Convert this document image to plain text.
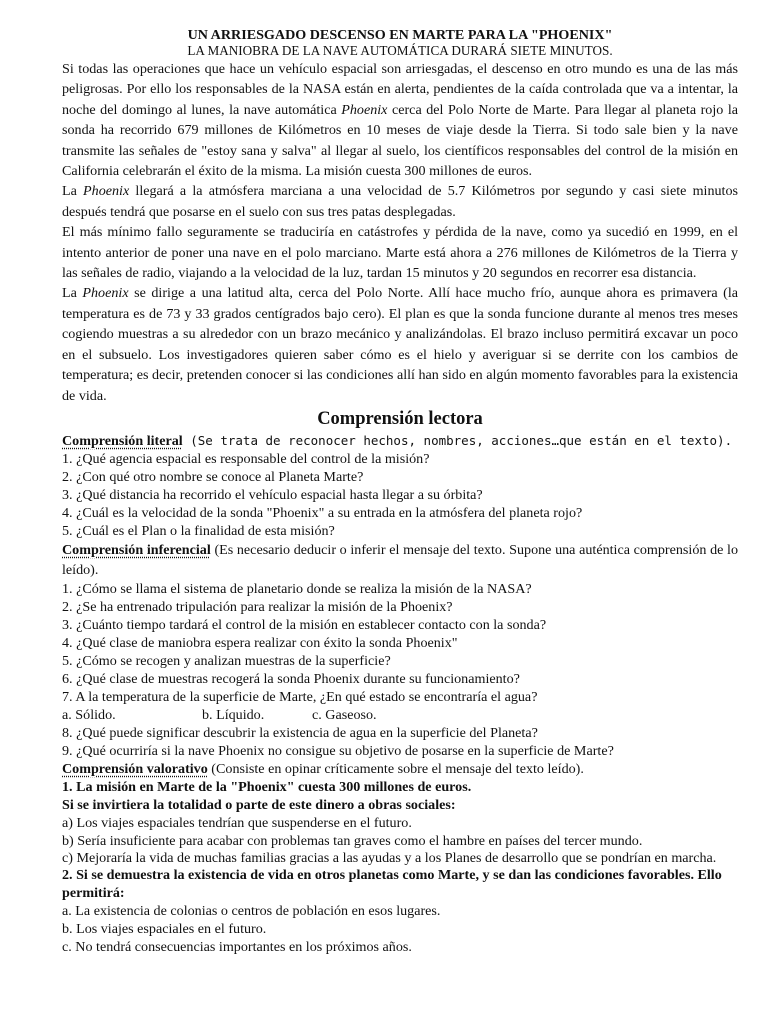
UN ARRIESGADO DESCENSO EN MARTE PARA LA "PHOENIX"

LA MANIOBRA DE LA NAVE AUTOMÁTICA DURARÁ SIETE MINUTOS.

Si todas las operaciones que hace un vehículo espacial son arriesgadas, el descenso en otro mundo es una de las más peligrosas. Por ello los responsables de la NASA están en alerta, pendientes de la caída controlada que va a intentar, la noche del domingo al lunes, la nave automática Phoenix cerca del Polo Norte de Marte. Para llegar al planeta rojo la sonda ha recorrido 679 millones de Kilómetros en 10 meses de viaje desde la Tierra. Si todo sale bien y la nave transmite las señales de "estoy sana y salva" al llegar al suelo, los científicos responsables del control de la misión en California celebrarán el éxito de la misma. La misión cuesta 300 millones de euros.

La Phoenix llegará a la atmósfera marciana a una velocidad de 5.7 Kilómetros por segundo y casi siete minutos después tendrá que posarse en el suelo con sus tres patas desplegadas.

El más mínimo fallo seguramente se traduciría en catástrofes y pérdida de la nave, como ya sucedió en 1999, en el intento anterior de poner una nave en el polo marciano. Marte está ahora a 276 millones de Kilómetros de la Tierra y las señales de radio, viajando a la velocidad de la luz, tardan 15 minutos y 20 segundos en recorrer esa distancia.

La Phoenix se dirige a una latitud alta, cerca del Polo Norte. Allí hace mucho frío, aunque ahora es primavera (la temperatura es de 73 y 33 grados centígrados bajo cero). El plan es que la sonda funcione durante al menos tres meses cogiendo muestras a su alrededor con un brazo mecánico y analizándolas. El brazo incluso permitirá excavar un poco en el subsuelo. Los investigadores quieren saber cómo es el hielo y averiguar si se derrite con los cambios de temperatura; es decir, pretenden conocer si las condiciones allí han sido en algún momento favorables para la existencia de vida.

Comprensión lectora

Comprensión literal (Se trata de reconocer hechos, nombres, acciones…que están en el texto).

1. ¿Qué agencia espacial es responsable del control de la misión?

2. ¿Con qué otro nombre se conoce al Planeta Marte?

3. ¿Qué distancia ha recorrido el vehículo espacial hasta llegar a su órbita?

4. ¿Cuál es la velocidad de la sonda "Phoenix" a su entrada en la atmósfera del planeta rojo?

5. ¿Cuál es el Plan o la finalidad de esta misión?

Comprensión inferencial (Es necesario deducir o inferir el mensaje del texto. Supone una auténtica comprensión de lo leído).

1. ¿Cómo se llama el sistema de planetario donde se realiza la misión de la NASA?

2. ¿Se ha entrenado tripulación para realizar la misión de la Phoenix?

3. ¿Cuánto tiempo tardará el control de la misión en establecer contacto con la sonda?

4. ¿Qué clase de maniobra espera realizar con éxito la sonda Phoenix"

5. ¿Cómo se recogen y analizan muestras de la superficie?

6. ¿Qué clase de muestras recogerá la sonda Phoenix durante su funcionamiento?

7. A la temperatura de la superficie de Marte, ¿En qué estado se encontraría el agua?

a. Sólido.	b. Líquido.	c. Gaseoso.

8. ¿Qué puede significar descubrir la existencia de agua en la superficie del Planeta?

9. ¿Qué ocurriría si la nave Phoenix no consigue su objetivo de posarse en la superficie de Marte?

Comprensión valorativo (Consiste en opinar críticamente sobre el mensaje del texto leído).

1. La misión en Marte de la "Phoenix" cuesta 300 millones de euros.

Si se invirtiera la totalidad o parte de este dinero a obras sociales:

a) Los viajes espaciales tendrían que suspenderse en el futuro.

b) Sería insuficiente para acabar con problemas tan graves como el hambre en países del tercer mundo.

c) Mejoraría la vida de muchas familias gracias a las ayudas y a los Planes de desarrollo que se pondrían en marcha.

2. Si se demuestra la existencia de vida en otros planetas como Marte, y se dan las condiciones favorables. Ello permitirá:

a. La existencia de colonias o centros de población en esos lugares.

b. Los viajes espaciales en el futuro.

c. No tendrá consecuencias importantes en los próximos años.
